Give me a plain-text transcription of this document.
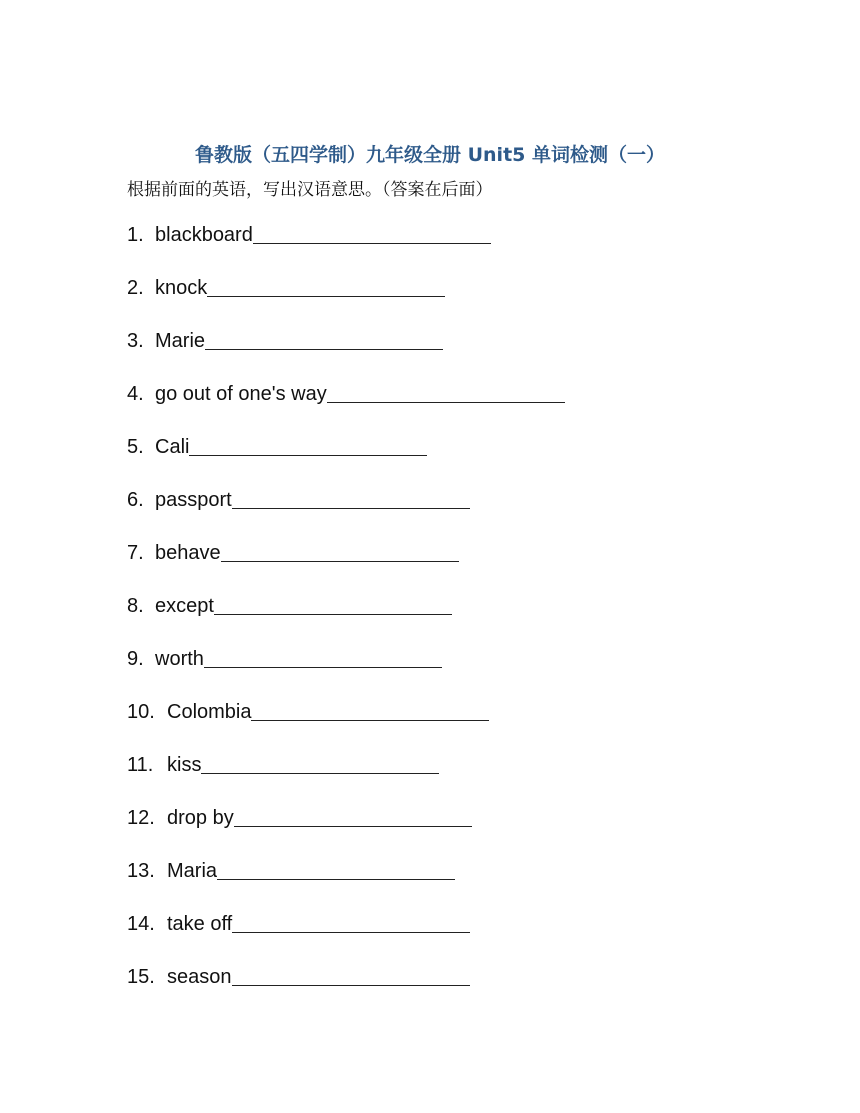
鲁教版（五四学制）九年级全册 Unit5 单词检测（一）
根据前面的英语，写出汉语意思。（答案在后面）
1. blackboard
2. knock
3. Marie
4. go out of one's way
5. Cali
6. passport
7. behave
8. except
9. worth
10. Colombia
11. kiss
12. drop by
13. Maria
14. take off
15. season
